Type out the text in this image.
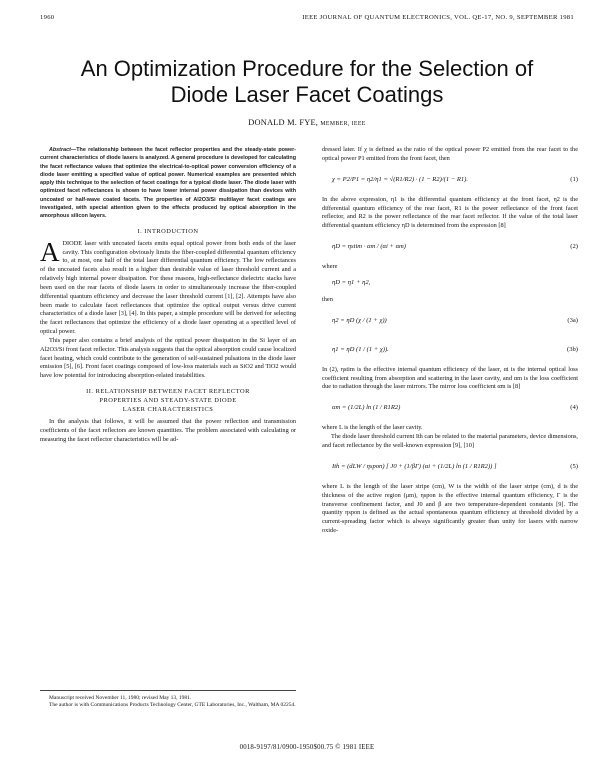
1960	IEEE JOURNAL OF QUANTUM ELECTRONICS, VOL. QE-17, NO. 9, SEPTEMBER 1981
An Optimization Procedure for the Selection of
Diode Laser Facet Coatings
DONALD M. FYE, MEMBER, IEEE

Abstract—The relationship between the facet reflector properties and the steady-state power-current characteristics of diode lasers is analyzed. A general procedure is developed for calculating the facet reflectance values that optimize the electrical-to-optical power conversion efficiency of a diode laser emitting a specified value of optical power. Numerical examples are presented which apply this technique to the selection of facet coatings for a typical diode laser. The diode laser with optimized facet reflectances is shown to have lower internal power dissipation than devices with uncoated or half-wave coated facets. The properties of Al2O3/Si multilayer facet coatings are investigated, with special attention given to the effects produced by optical absorption in the amorphous silicon layers.

I. INTRODUCTION

ADIODE laser with uncoated facets emits equal optical power from both ends of the laser cavity. This configuration obviously limits the fiber-coupled differential quantum efficiency to, at most, one half of the total laser differential quantum efficiency. The low reflectances of the uncoated facets also result in a higher than desirable value of laser threshold current and a relatively high internal power dissipation. For these reasons, high-reflectance dielectric stacks have been used on the rear facets of diode lasers in order to simultaneously increase the fiber-coupled differential quantum efficiency and decrease the laser threshold current [1], [2]. Attempts have also been made to calculate facet reflectances that optimize the optical output versus drive current characteristics of a diode laser [3], [4]. In this paper, a simple procedure will be derived for selecting the facet reflectances that optimize the efficiency of a diode laser operating at a specified level of optical power.

This paper also contains a brief analysis of the optical power dissipation in the Si layer of an Al2O3/Si front facet reflector. This analysis suggests that the optical absorption could cause localized facet heating, which could contribute to the generation of self-sustained pulsations in the diode laser emission [5], [6]. Front facet coatings composed of low-loss materials such as SiO2 and TiO2 would have low potential for introducing absorption-related instabilities.

II. RELATIONSHIP BETWEEN FACET REFLECTOR
PROPERTIES AND STEADY-STATE DIODE
LASER CHARACTERISTICS

In the analysis that follows, it will be assumed that the power reflection and transmission coefficients of the facet reflectors are known quantities. The problem associated with calculating or measuring the facet reflector characteristics will be ad-

Manuscript received November 11, 1980; revised May 13, 1981.

The author is with Communications Products Technology Center, GTE Laboratories, Inc., Waltham, MA 02254.

dressed later. If χ is defined as the ratio of the optical power P2 emitted from the rear facet to the optical power P1 emitted from the front facet, then

χ = P2/P1 = η2/η1 = √(R1/R2) · (1 − R2)/(1 − R1).	(1)

In the above expression, η1 is the differential quantum efficiency at the front facet, η2 is the differential quantum efficiency of the rear facet, R1 is the power reflectance of the front facet reflector, and R2 is the power reflectance of the rear facet reflector. If the value of the total laser differential quantum efficiency ηD is determined from the expression [8]

ηD = ηstim · αm / (αi + αm)	(2)

where

ηD = η1 + η2,

then

η2 = ηD (χ / (1 + χ))	(3a)
η1 = ηD (1 / (1 + χ)).	(3b)

In (2), ηstim is the effective internal quantum efficiency of the laser, αi is the internal optical loss coefficient resulting from absorption and scattering in the laser cavity, and αm is the loss coefficient due to radiation through the laser mirrors. The mirror loss coefficient αm is [8]

αm = (1/2L) ln (1 / R1R2)	(4)

where L is the length of the laser cavity.

The diode laser threshold current Ith can be related to the material parameters, device dimensions, and facet reflectance by the well-known expression [9], [10]

Ith = (dLW / ηspon) [ J0 + (1/βΓ) (αi + (1/2L) ln (1 / R1R2)) ]	(5)

where L is the length of the laser stripe (cm), W is the width of the laser stripe (cm), d is the thickness of the active region (μm), ηspon is the effective internal quantum efficiency, Γ is the transverse confinement factor, and J0 and β are two temperature-dependent constants [9]. The quantity ηspon is defined as the actual spontaneous quantum efficiency at threshold divided by a current-spreading factor which is always significantly greater than unity for lasers with narrow oxide-

0018-9197/81/0900-1950$00.75 © 1981 IEEE
